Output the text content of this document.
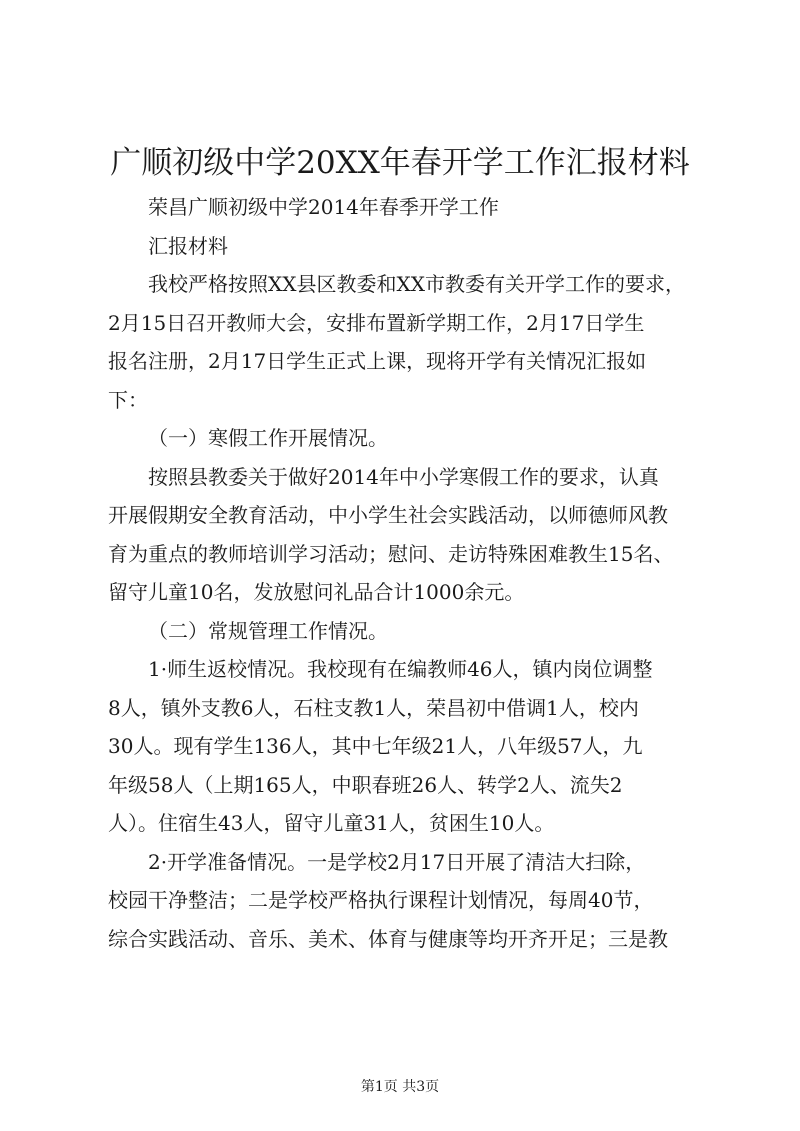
广顺初级中学20XX年春开学工作汇报材料
荣昌广顺初级中学2014年春季开学工作
汇报材料
我校严格按照XX县区教委和XX市教委有关开学工作的要求，
2月15日召开教师大会，安排布置新学期工作，2月17日学生
报名注册，2月17日学生正式上课，现将开学有关情况汇报如
下：
（一）寒假工作开展情况。
按照县教委关于做好2014年中小学寒假工作的要求，认真
开展假期安全教育活动，中小学生社会实践活动，以师德师风教
育为重点的教师培训学习活动；慰问、走访特殊困难教生15名、
留守儿童10名，发放慰问礼品合计1000余元。
（二）常规管理工作情况。
1·师生返校情况。我校现有在编教师46人，镇内岗位调整
8人，镇外支教6人，石柱支教1人，荣昌初中借调1人，校内
30人。现有学生136人，其中七年级21人，八年级57人，九
年级58人（上期165人，中职春班26人、转学2人、流失2
人）。住宿生43人，留守儿童31人，贫困生10人。
2·开学准备情况。一是学校2月17日开展了清洁大扫除，
校园干净整洁；二是学校严格执行课程计划情况，每周40节，
综合实践活动、音乐、美术、体育与健康等均开齐开足；三是教
第1页 共3页
